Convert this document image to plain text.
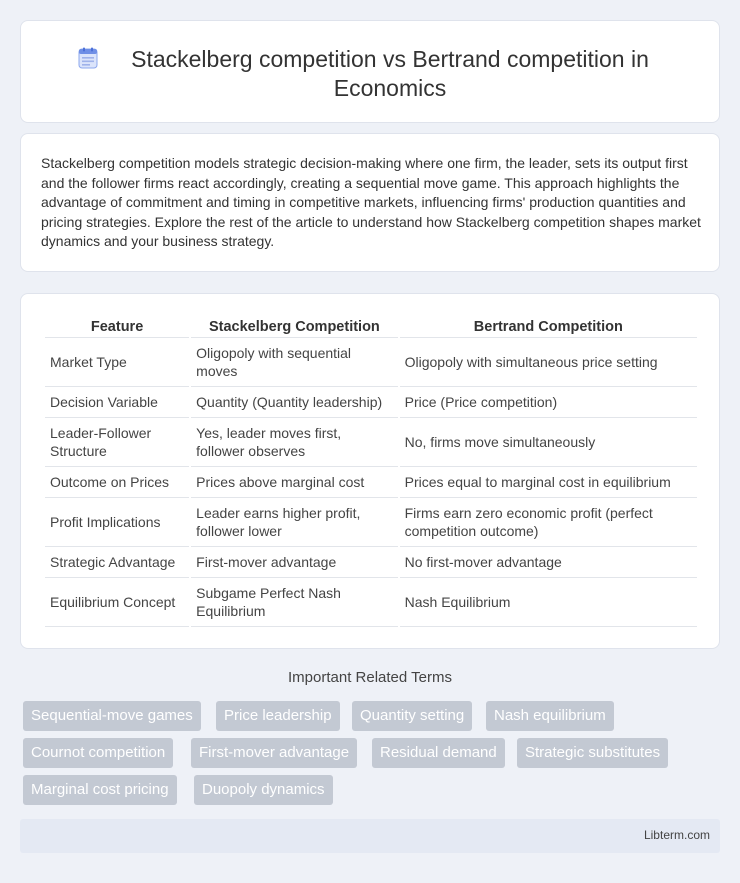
Stackelberg competition vs Bertrand competition in Economics

Stackelberg competition models strategic decision-making where one firm, the leader, sets its output first and the follower firms react accordingly, creating a sequential move game. This approach highlights the advantage of commitment and timing in competitive markets, influencing firms' production quantities and pricing strategies. Explore the rest of the article to understand how Stackelberg competition shapes market dynamics and your business strategy.

Feature	Stackelberg Competition	Bertrand Competition
Market Type	Oligopoly with sequential moves	Oligopoly with simultaneous price setting
Decision Variable	Quantity (Quantity leadership)	Price (Price competition)
Leader-Follower Structure	Yes, leader moves first, follower observes	No, firms move simultaneously
Outcome on Prices	Prices above marginal cost	Prices equal to marginal cost in equilibrium
Profit Implications	Leader earns higher profit, follower lower	Firms earn zero economic profit (perfect competition outcome)
Strategic Advantage	First-mover advantage	No first-mover advantage
Equilibrium Concept	Subgame Perfect Nash Equilibrium	Nash Equilibrium
Important Related Terms
Sequential-move games	Price leadership	Quantity setting	Nash equilibrium
Cournot competition	First-mover advantage	Residual demand	Strategic substitutes
Marginal cost pricing	Duopoly dynamics
Libterm.com
